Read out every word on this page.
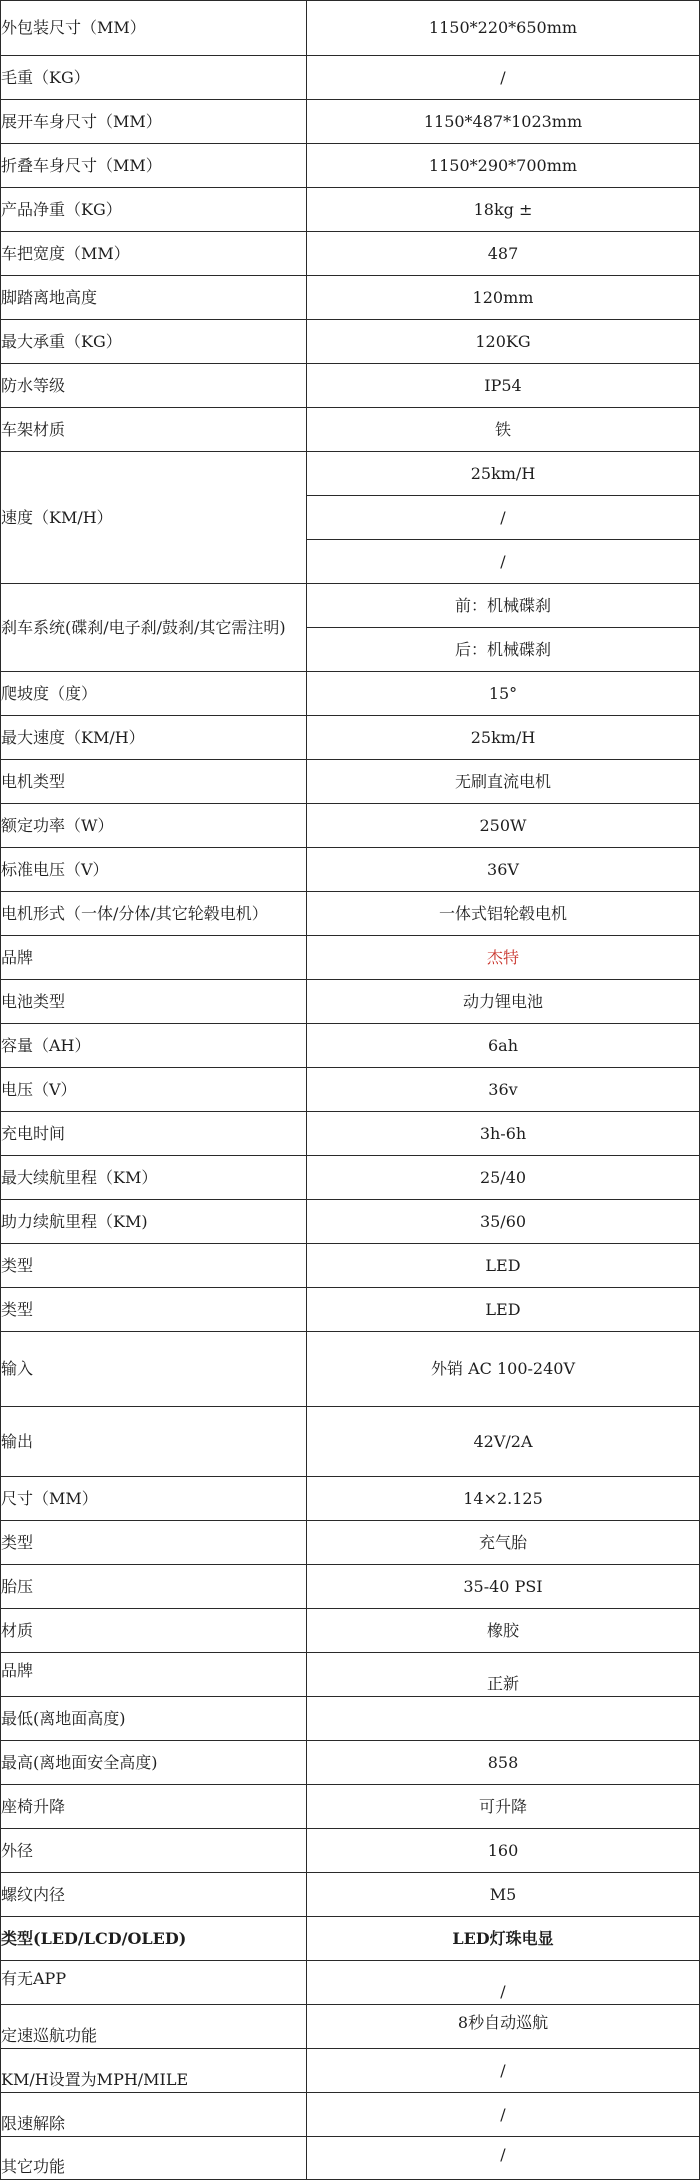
外包装尺寸（MM）	1150*220*650mm
毛重（KG）	/
展开车身尺寸（MM）	1150*487*1023mm
折叠车身尺寸（MM）	1150*290*700mm
产品净重（KG）	18kg ±
车把宽度（MM）	487
脚踏离地高度	120mm
最大承重（KG）	120KG
防水等级	IP54
车架材质	铁
速度（KM/H）	25km/H
	/
	/
刹车系统(碟刹/电子刹/鼓刹/其它需注明)	前：机械碟刹
	后：机械碟刹
爬坡度（度）	15°
最大速度（KM/H）	25km/H
电机类型	无刷直流电机
额定功率（W）	250W
标准电压（V）	36V
电机形式（一体/分体/其它轮毂电机）	一体式铝轮毂电机
品牌	杰特
电池类型	动力锂电池
容量（AH）	6ah
电压（V）	36v
充电时间	3h-6h
最大续航里程（KM）	25/40
助力续航里程（KM)	35/60
类型	LED
类型	LED
输入	外销 AC 100-240V
输出	42V/2A
尺寸（MM）	14×2.125
类型	充气胎
胎压	35-40 PSI
材质	橡胶
品牌	正新
最低(离地面高度)	
最高(离地面安全高度)	858
座椅升降	可升降
外径	160
螺纹内径	M5
类型(LED/LCD/OLED)	LED灯珠电显
有无APP	/
定速巡航功能	8秒自动巡航
KM/H设置为MPH/MILE	/
限速解除	/
其它功能	/
